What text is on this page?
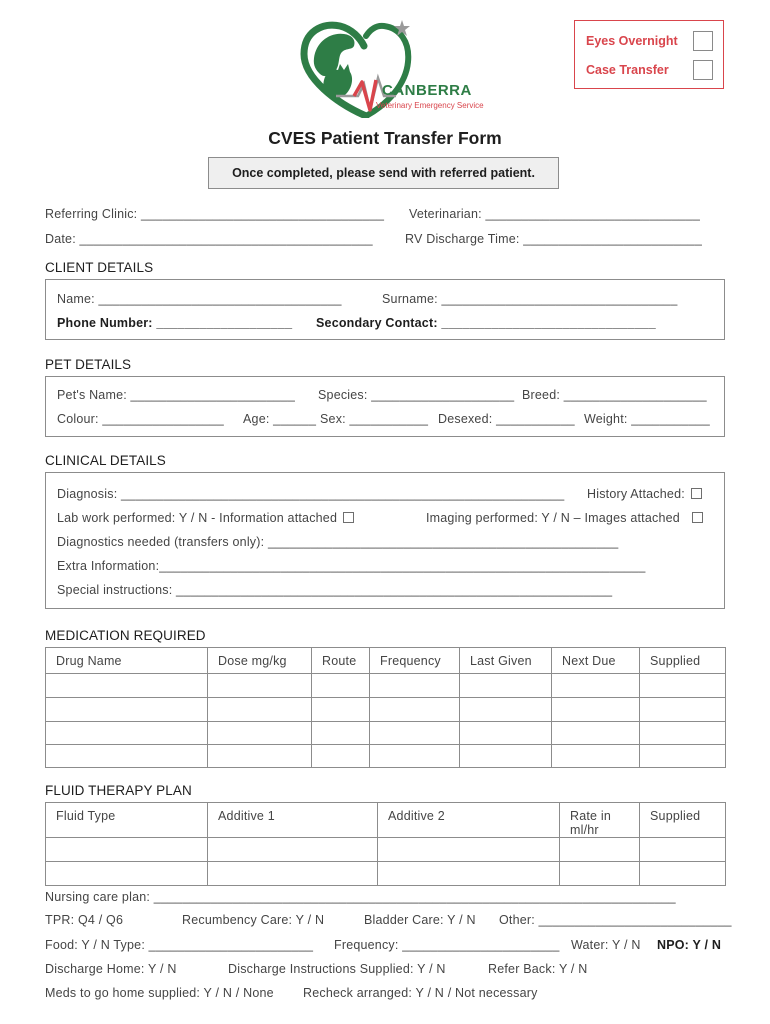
CANBERRA
Veterinary Emergency Service
Eyes Overnight
Case Transfer
CVES Patient Transfer Form
Once completed, please send with referred patient.
Referring Clinic: __________________________________ Veterinarian: ______________________________
Date: _________________________________________	RV Discharge Time: _________________________
CLIENT DETAILS
Name: __________________________________	Surname: _________________________________
Phone Number: ___________________ Secondary Contact: ______________________________
PET DETAILS
Pet's Name: _______________________ Species: ____________________ Breed: ____________________
Colour: _________________ Age: ______ Sex: ___________ Desexed: ___________ Weight: ___________
CLINICAL DETAILS
Diagnosis: ______________________________________________________________ History Attached:
Lab work performed: Y / N - Information attached	Imaging performed: Y / N – Images attached
Diagnostics needed (transfers only): _________________________________________________
Extra Information:____________________________________________________________________
Special instructions: _____________________________________________________________
MEDICATION REQUIRED
Drug Name	Dose mg/kg	Route	Frequency	Last Given	Next Due	Supplied

FLUID THERAPY PLAN
Fluid Type	Additive 1	Additive 2	Rate in ml/hr	Supplied

Nursing care plan: _________________________________________________________________________
TPR: Q4 / Q6	Recumbency Care: Y / N	Bladder Care: Y / N Other: ___________________________
Food: Y / N Type: _______________________ Frequency: ______________________ Water: Y / N NPO: Y / N
Discharge Home: Y / N	Discharge Instructions Supplied: Y / N	Refer Back: Y / N
Meds to go home supplied: Y / N / None Recheck arranged: Y / N / Not necessary
